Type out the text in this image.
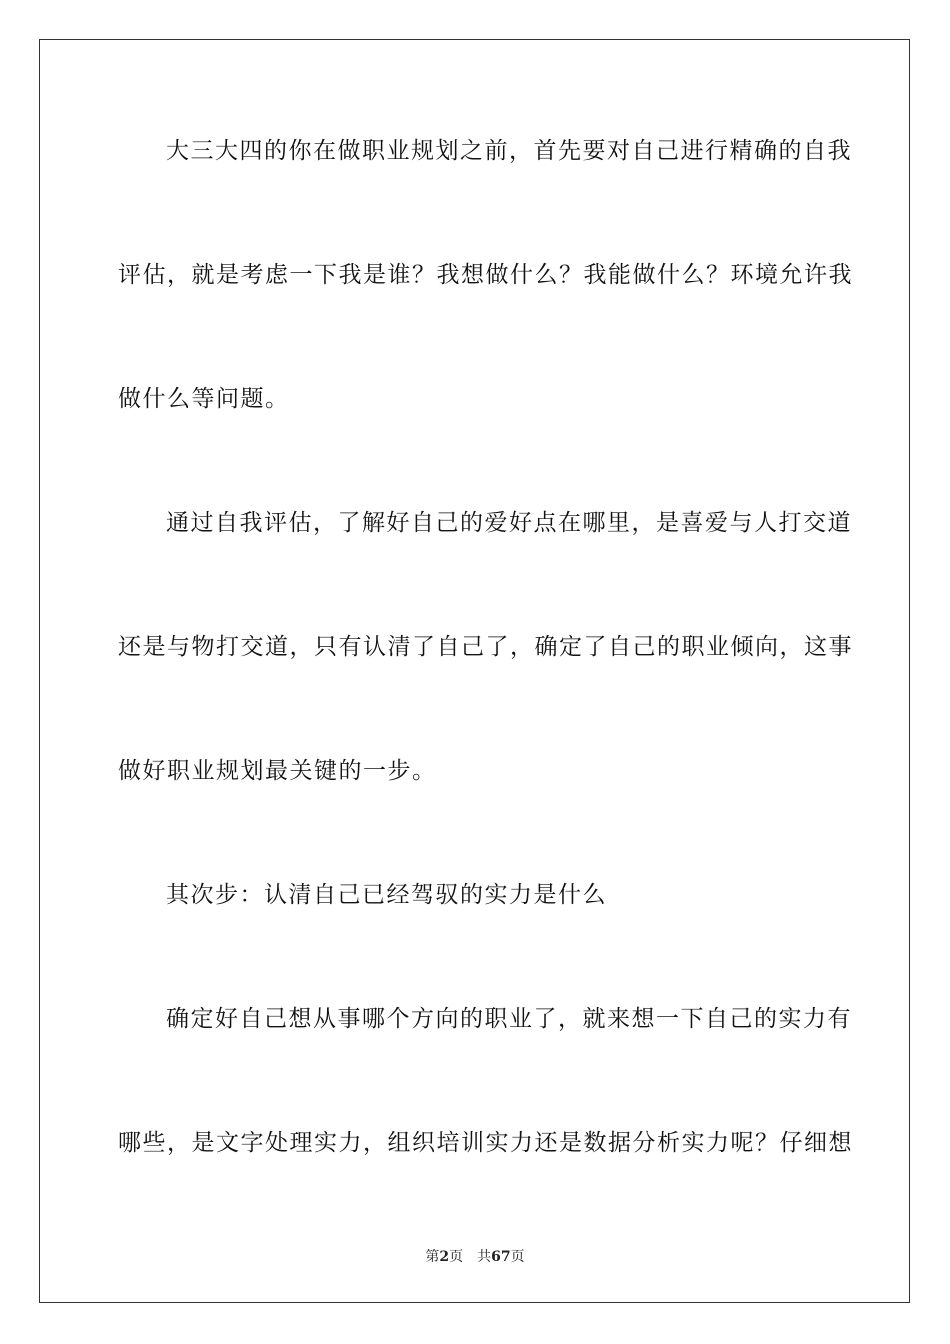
大三大四的你在做职业规划之前，首先要对自己进行精确的自我
评估，就是考虑一下我是谁？我想做什么？我能做什么？环境允许我
做什么等问题。
通过自我评估，了解好自己的爱好点在哪里，是喜爱与人打交道
还是与物打交道，只有认清了自己了，确定了自己的职业倾向，这事
做好职业规划最关键的一步。
其次步：认清自己已经驾驭的实力是什么
确定好自己想从事哪个方向的职业了，就来想一下自己的实力有
哪些，是文字处理实力，组织培训实力还是数据分析实力呢？仔细想
第2页 共67页
